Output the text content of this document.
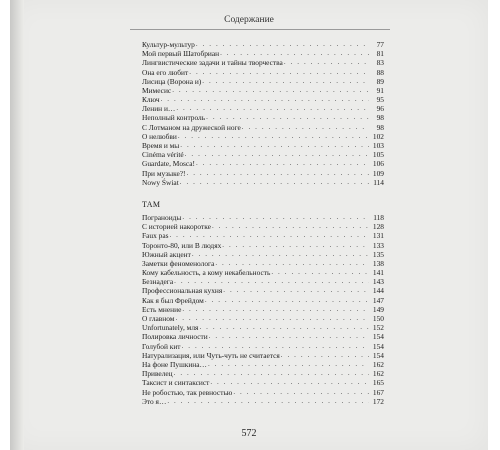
Содержание
Культур-мультур . . .	77
Мой первый Шатобриан . . .	81
Лингвистические задачи и тайны творчества . . .	83
Она его любит . . .	88
Лисица (Ворона и) . . .	89
Мимесис . . .	91
Ключ . . .	95
Ленин и… . . .	96
Неполный контроль . . .	98
С Лотманом на дружеской ноге . . .	98
О нелюбви . . .	102
Время и мы . . .	103
Cinéma vérité . . .	105
Guardate, Mosca! . . .	106
При музыке?! . . .	109
Nowy Świat . . .	114
ТАМ
Пограноиды . . .	118
С историей накоротке . . .	128
Faux pas . . .	131
Торонто-80, или В людях . . .	133
Южный акцент . . .	135
Заметки феноменолога . . .	138
Кому кабельность, а кому некабельность . . .	141
Безнадега . . .	143
Профессиональная кухня . . .	144
Как я был Фрейдом . . .	147
Есть мнение . . .	149
О главном . . .	150
Unfortunately, мля . . .	152
Полировка личности . . .	154
Голубой кит . . .	154
Натурализация, или Чуть-чуть не считается . . .	154
На фоне Пушкина… . . .	162
Привелец . . .	162
Таксист и синтаксист . . .	165
Не робостью, так ревностью . . .	167
Это я… . . .	172
572
